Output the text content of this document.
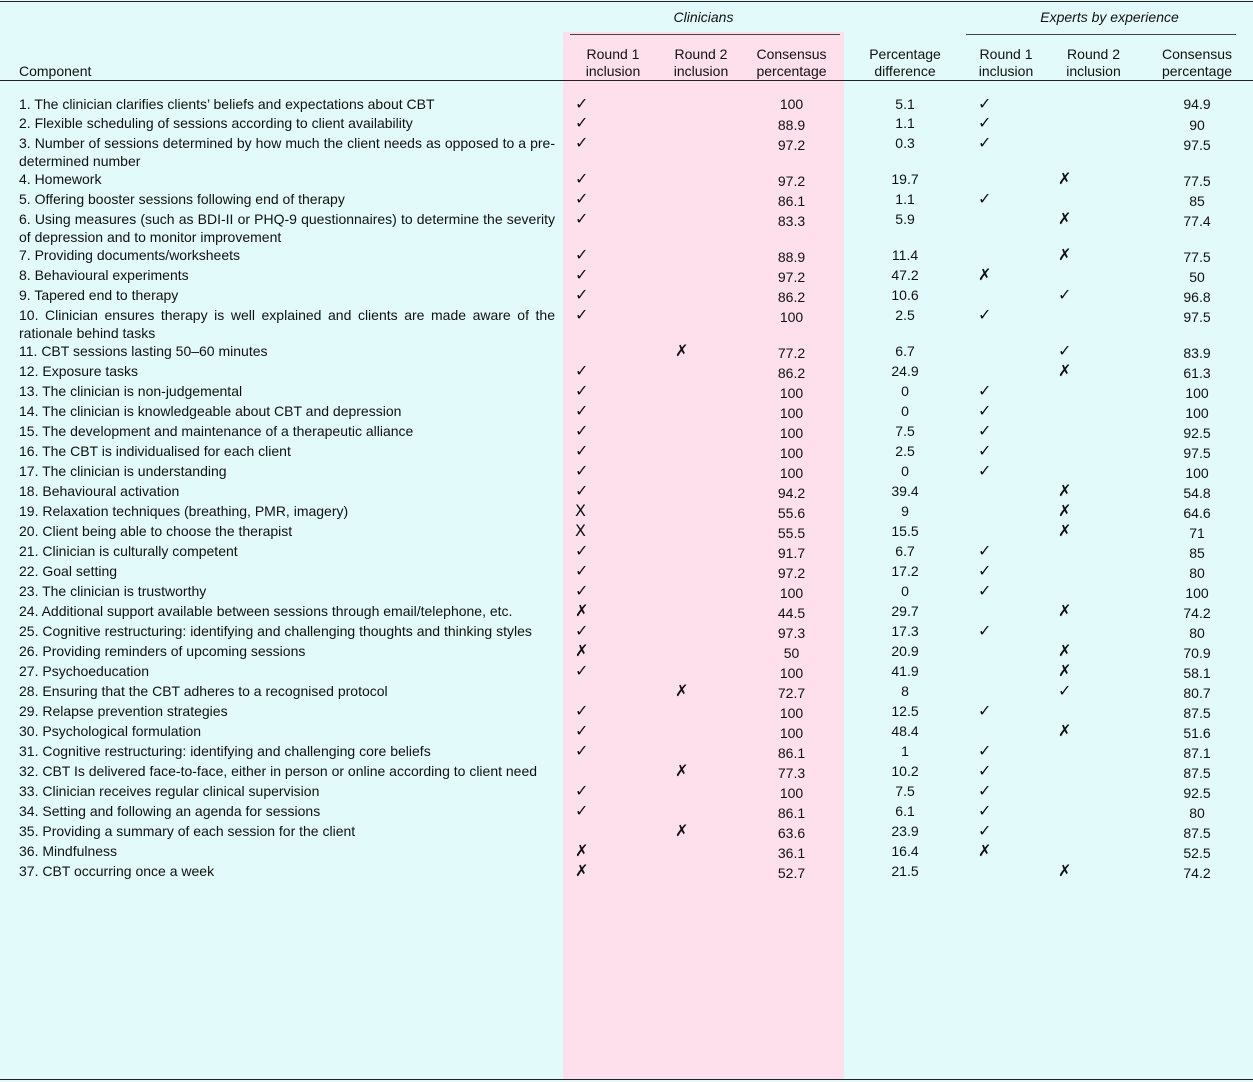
	Clinicians				Experts by experience		
Component	Round 1 inclusion	Round 2 inclusion	Consensus percentage	Percentage difference	Round 1 inclusion	Round 2 inclusion	Consensus percentage
1. The clinician clarifies clients’ beliefs and expectations about CBT	✓		100	5.1	✓		94.9
2. Flexible scheduling of sessions according to client availability	✓		88.9	1.1	✓		90
3. Number of sessions determined by how much the client needs as opposed to a pre-determined number	✓		97.2	0.3	✓		97.5
4. Homework	✓		97.2	19.7		✗	77.5
5. Offering booster sessions following end of therapy	✓		86.1	1.1	✓		85
6. Using measures (such as BDI-II or PHQ-9 questionnaires) to determine the severity of depression and to monitor improvement	✓		83.3	5.9		✗	77.4
7. Providing documents/worksheets	✓		88.9	11.4		✗	77.5
8. Behavioural experiments	✓		97.2	47.2	✗		50
9. Tapered end to therapy	✓		86.2	10.6		✓	96.8
10. Clinician ensures therapy is well explained and clients are made aware of the rationale behind tasks	✓		100	2.5	✓		97.5
11. CBT sessions lasting 50–60 minutes		✗	77.2	6.7		✓	83.9
12. Exposure tasks	✓		86.2	24.9		✗	61.3
13. The clinician is non-judgemental	✓		100	0	✓		100
14. The clinician is knowledgeable about CBT and depression	✓		100	0	✓		100
15. The development and maintenance of a therapeutic alliance	✓		100	7.5	✓		92.5
16. The CBT is individualised for each client	✓		100	2.5	✓		97.5
17. The clinician is understanding	✓		100	0	✓		100
18. Behavioural activation	✓		94.2	39.4		✗	54.8
19. Relaxation techniques (breathing, PMR, imagery)	X		55.6	9		✗	64.6
20. Client being able to choose the therapist	X		55.5	15.5		✗	71
21. Clinician is culturally competent	✓		91.7	6.7	✓		85
22. Goal setting	✓		97.2	17.2	✓		80
23. The clinician is trustworthy	✓		100	0	✓		100
24. Additional support available between sessions through email/telephone, etc.	✗		44.5	29.7		✗	74.2
25. Cognitive restructuring: identifying and challenging thoughts and thinking styles	✓		97.3	17.3	✓		80
26. Providing reminders of upcoming sessions	✗		50	20.9		✗	70.9
27. Psychoeducation	✓		100	41.9		✗	58.1
28. Ensuring that the CBT adheres to a recognised protocol		✗	72.7	8		✓	80.7
29. Relapse prevention strategies	✓		100	12.5	✓		87.5
30. Psychological formulation	✓		100	48.4		✗	51.6
31. Cognitive restructuring: identifying and challenging core beliefs	✓		86.1	1	✓		87.1
32. CBT Is delivered face-to-face, either in person or online according to client need		✗	77.3	10.2	✓		87.5
33. Clinician receives regular clinical supervision	✓		100	7.5	✓		92.5
34. Setting and following an agenda for sessions	✓		86.1	6.1	✓		80
35. Providing a summary of each session for the client		✗	63.6	23.9	✓		87.5
36. Mindfulness	✗		36.1	16.4	✗		52.5
37. CBT occurring once a week	✗		52.7	21.5		✗	74.2
